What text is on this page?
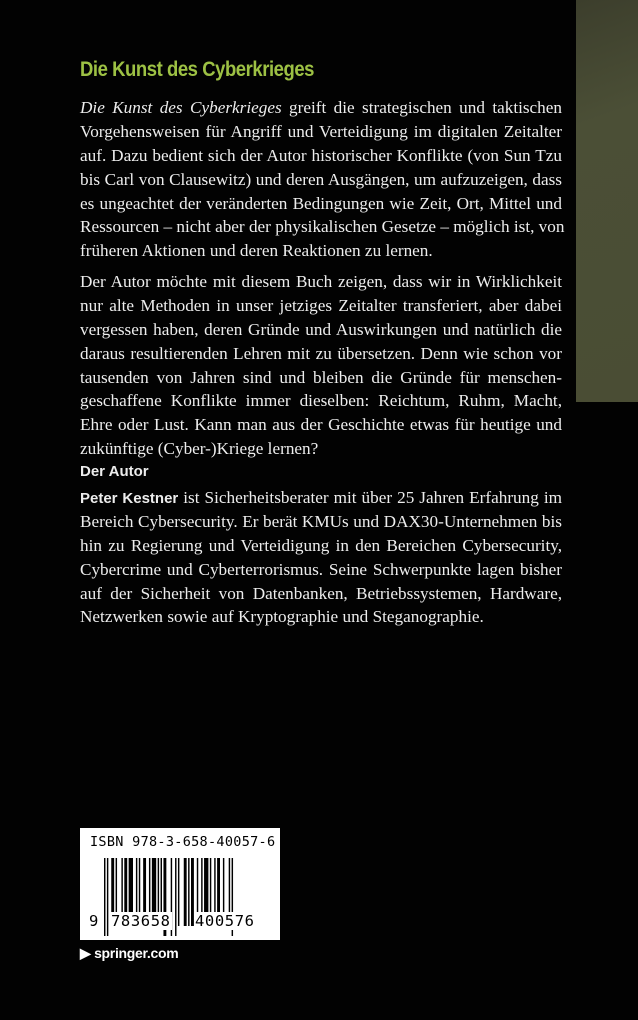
Die Kunst des Cyberkrieges
Die Kunst des Cyberkrieges greift die strategischen und taktischen
Vorgehensweisen für Angriff und Verteidigung im digitalen Zeitalter
auf. Dazu bedient sich der Autor historischer Konflikte (von Sun Tzu
bis Carl von Clausewitz) und deren Ausgängen, um aufzuzeigen, dass
es ungeachtet der veränderten Bedingungen wie Zeit, Ort, Mittel und
Ressourcen – nicht aber der physikalischen Gesetze – möglich ist, von
früheren Aktionen und deren Reaktionen zu lernen.
Der Autor möchte mit diesem Buch zeigen, dass wir in Wirklichkeit
nur alte Methoden in unser jetziges Zeitalter transferiert, aber dabei
vergessen haben, deren Gründe und Auswirkungen und natürlich die
daraus resultierenden Lehren mit zu übersetzen. Denn wie schon vor
tausenden von Jahren sind und bleiben die Gründe für menschen-
geschaffene Konflikte immer dieselben: Reichtum, Ruhm, Macht,
Ehre oder Lust. Kann man aus der Geschichte etwas für heutige und
zukünftige (Cyber-)Kriege lernen?
Der Autor
Peter Kestner ist Sicherheitsberater mit über 25 Jahren Erfahrung im
Bereich Cybersecurity. Er berät KMUs und DAX30-Unternehmen bis
hin zu Regierung und Verteidigung in den Bereichen Cybersecurity,
Cybercrime und Cyberterrorismus. Seine Schwerpunkte lagen bisher
auf der Sicherheit von Datenbanken, Betriebssystemen, Hardware,
Netzwerken sowie auf Kryptographie und Steganographie.
ISBN 978-3-658-40057-6
9 783658 400576
▶ springer.com
